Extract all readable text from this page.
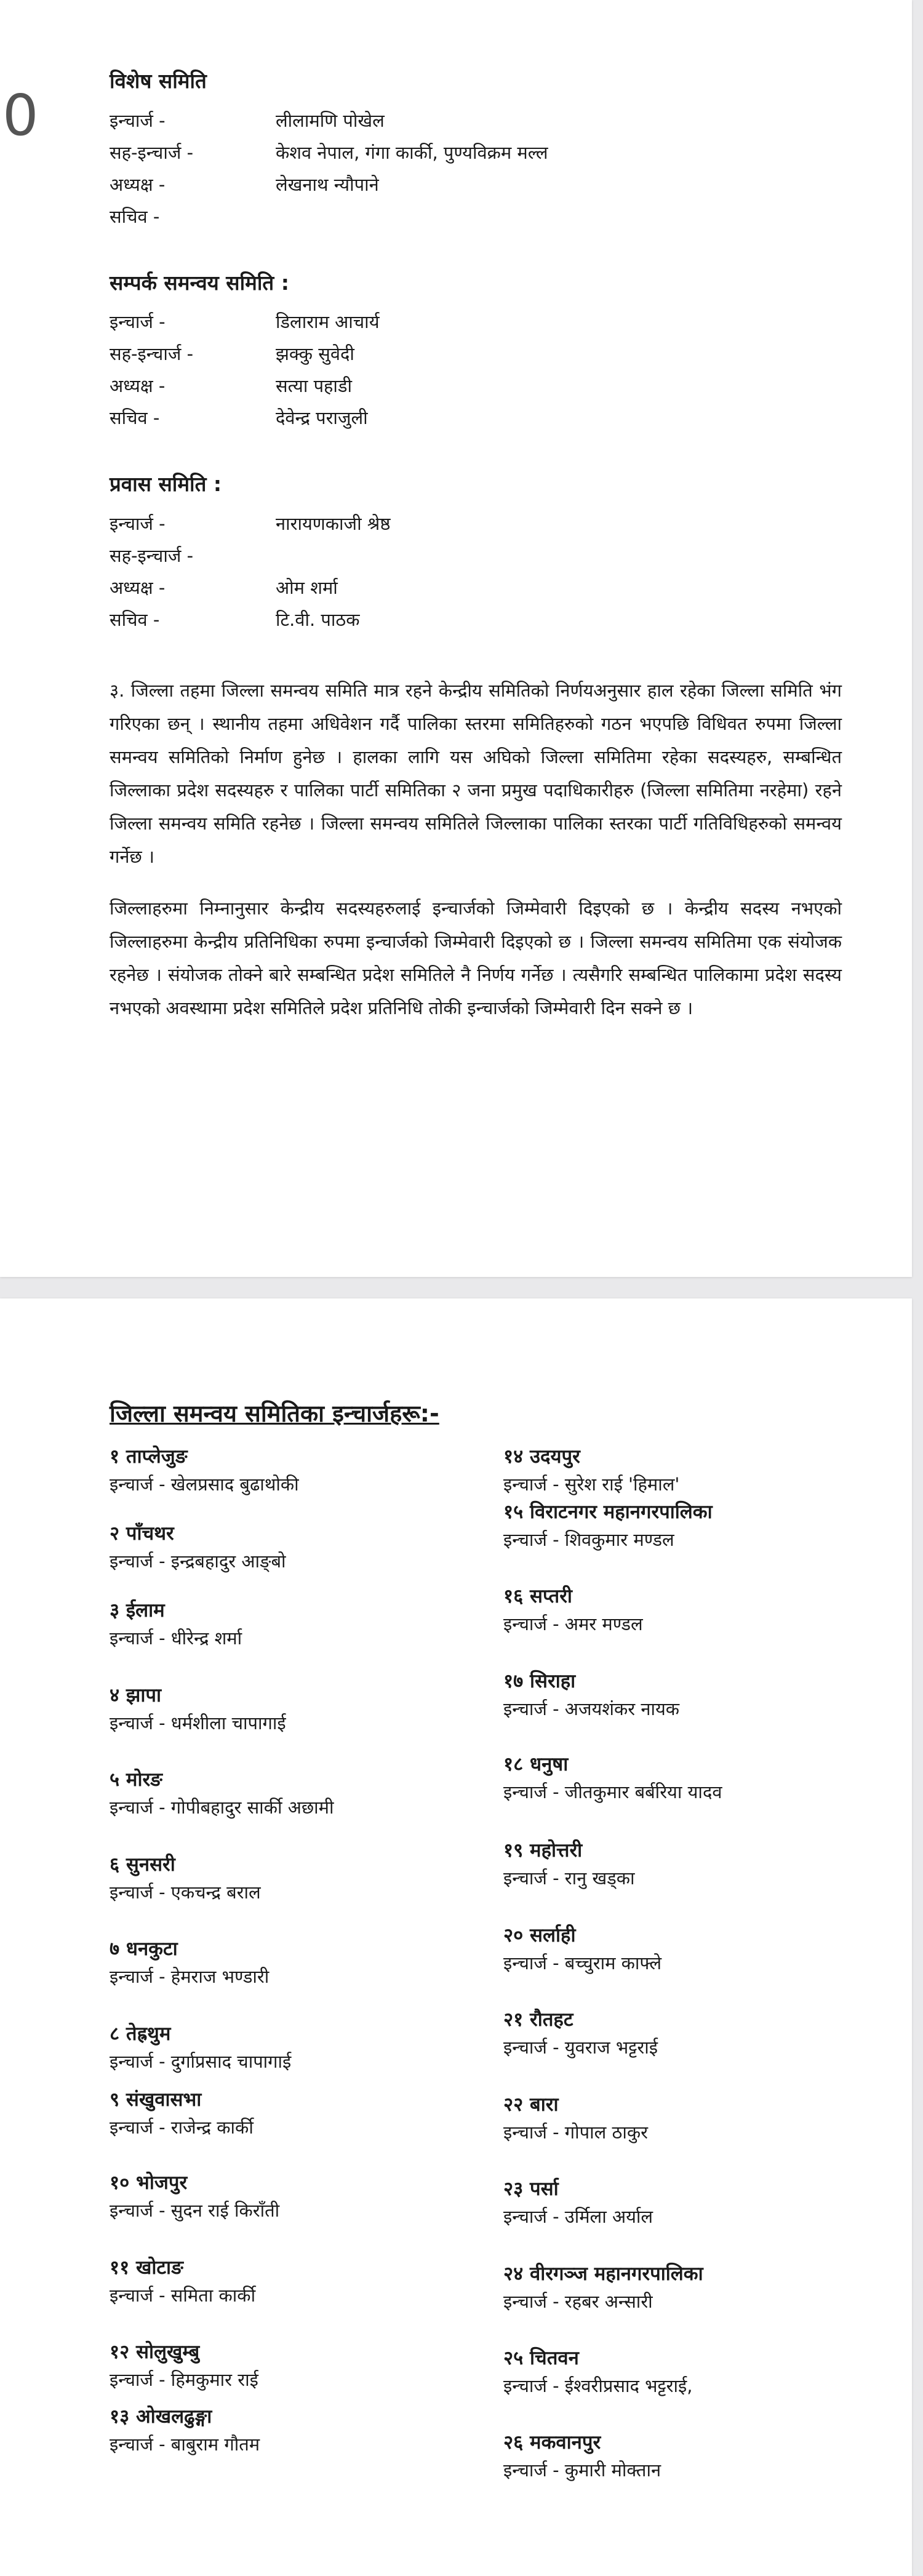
0
विशेष समिति
इन्चार्ज -	लीलामणि पोखेल
सह-इन्चार्ज -	केशव नेपाल, गंगा कार्की, पुण्यविक्रम मल्ल
अध्यक्ष -	लेखनाथ न्यौपाने
सचिव -
सम्पर्क समन्वय समिति :
इन्चार्ज -	डिलाराम आचार्य
सह-इन्चार्ज -	झक्कु सुवेदी
अध्यक्ष -	सत्या पहाडी
सचिव -	देवेन्द्र पराजुली
प्रवास समिति :
इन्चार्ज -	नारायणकाजी श्रेष्ठ
सह-इन्चार्ज -
अध्यक्ष -	ओम शर्मा
सचिव -	टि.वी. पाठक

३. जिल्ला तहमा जिल्ला समन्वय समिति मात्र रहने केन्द्रीय समितिको निर्णयअनुसार हाल रहेका जिल्ला समिति भंग गरिएका छन् । स्थानीय तहमा अधिवेशन गर्दै पालिका स्तरमा समितिहरुको गठन भएपछि विधिवत रुपमा जिल्ला समन्वय समितिको निर्माण हुनेछ । हालका लागि यस अघिको जिल्ला समितिमा रहेका सदस्यहरु, सम्बन्धित जिल्लाका प्रदेश सदस्यहरु र पालिका पार्टी समितिका २ जना प्रमुख पदाधिकारीहरु (जिल्ला समितिमा नरहेमा) रहने जिल्ला समन्वय समिति रहनेछ । जिल्ला समन्वय समितिले जिल्लाका पालिका स्तरका पार्टी गतिविधिहरुको समन्वय गर्नेछ ।

जिल्लाहरुमा निम्नानुसार केन्द्रीय सदस्यहरुलाई इन्चार्जको जिम्मेवारी दिइएको छ । केन्द्रीय सदस्य नभएको जिल्लाहरुमा केन्द्रीय प्रतिनिधिका रुपमा इन्चार्जको जिम्मेवारी दिइएको छ । जिल्ला समन्वय समितिमा एक संयोजक रहनेछ । संयोजक तोक्ने बारे सम्बन्धित प्रदेश समितिले नै निर्णय गर्नेछ । त्यसैगरि सम्बन्धित पालिकामा प्रदेश सदस्य नभएको अवस्थामा प्रदेश समितिले प्रदेश प्रतिनिधि तोकी इन्चार्जको जिम्मेवारी दिन सक्ने छ ।

जिल्ला समन्वय समितिका इन्चार्जहरू:-
१ ताप्लेजुङ
इन्चार्ज - खेलप्रसाद बुढाथोकी
२ पाँचथर
इन्चार्ज - इन्द्रबहादुर आङ्बो
३ ईलाम
इन्चार्ज - धीरेन्द्र शर्मा
४ झापा
इन्चार्ज - धर्मशीला चापागाई
५ मोरङ
इन्चार्ज - गोपीबहादुर सार्की अछामी
६ सुनसरी
इन्चार्ज - एकचन्द्र बराल
७ धनकुटा
इन्चार्ज - हेमराज भण्डारी
८ तेह्रथुम
इन्चार्ज - दुर्गाप्रसाद चापागाई
९ संखुवासभा
इन्चार्ज - राजेन्द्र कार्की
१० भोजपुर
इन्चार्ज - सुदन राई किराँती
११ खोटाङ
इन्चार्ज - समिता कार्की
१२ सोलुखुम्बु
इन्चार्ज - हिमकुमार राई
१३ ओखलढुङ्गा
इन्चार्ज - बाबुराम गौतम
१४ उदयपुर
इन्चार्ज - सुरेश राई 'हिमाल'
१५ विराटनगर महानगरपालिका
इन्चार्ज - शिवकुमार मण्डल
१६ सप्तरी
इन्चार्ज - अमर मण्डल
१७ सिराहा
इन्चार्ज - अजयशंकर नायक
१८ धनुषा
इन्चार्ज - जीतकुमार बर्बरिया यादव
१९ महोत्तरी
इन्चार्ज - रानु खड्का
२० सर्लाही
इन्चार्ज - बच्चुराम काफ्ले
२१ रौतहट
इन्चार्ज - युवराज भट्टराई
२२ बारा
इन्चार्ज - गोपाल ठाकुर
२३ पर्सा
इन्चार्ज - उर्मिला अर्याल
२४ वीरगञ्ज महानगरपालिका
इन्चार्ज - रहबर अन्सारी
२५ चितवन
इन्चार्ज - ईश्वरीप्रसाद भट्टराई,
२६ मकवानपुर
इन्चार्ज - कुमारी मोक्तान
